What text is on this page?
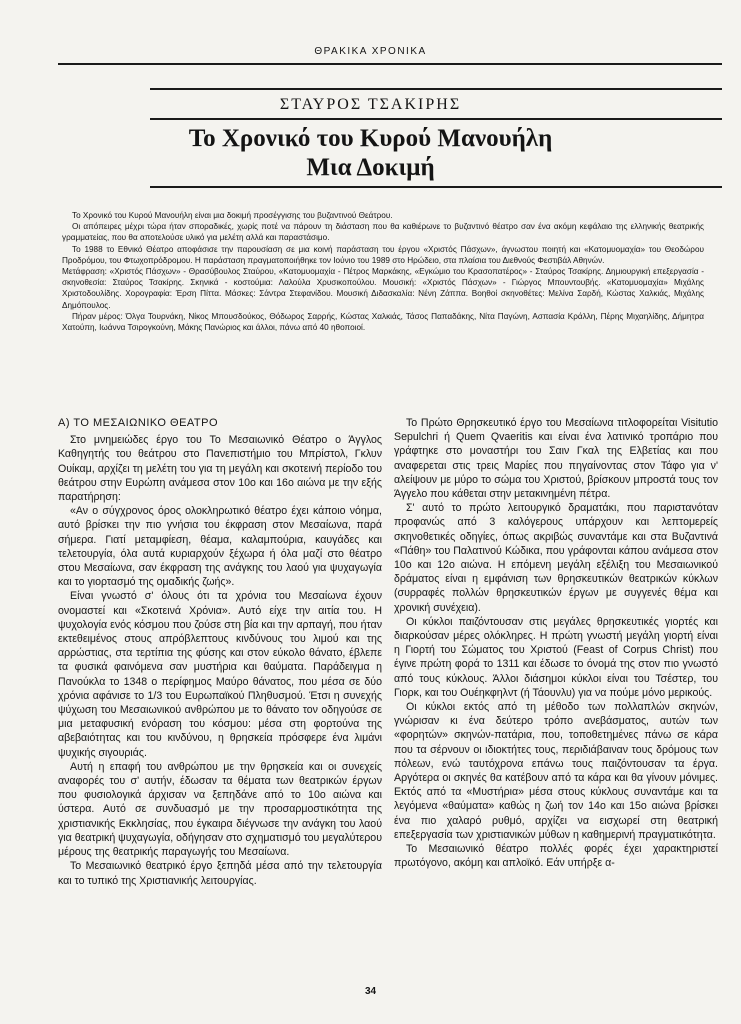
ΘΡΑΚΙΚΑ ΧΡΟΝΙΚΑ
ΣΤΑΥΡΟΣ ΤΣΑΚΙΡΗΣ
Το Χρονικό του Κυρού Μανουήλη
Μια Δοκιμή

Το Χρονικό του Κυρού Μανουήλη είναι μια δοκιμή προσέγγισης του βυζαντινού Θεάτρου.

Οι απόπειρες μέχρι τώρα ήταν σποραδικές, χωρίς ποτέ να πάρουν τη διάσταση που θα καθιέρωνε το βυζαντινό θέατρο σαν ένα ακόμη κεφάλαιο της ελληνικής θεατρικής γραμματείας, που θα αποτελούσε υλικό για μελέτη αλλά και παραστάσιμο.

Το 1988 το Εθνικό Θέατρο αποφάσισε την παρουσίαση σε μια κοινή παράσταση του έργου «Χριστός Πάσχων», άγνωστου ποιητή και «Κατομυομαχία» του Θεοδώρου Προδρόμου, του Φτωχοπρόδρομου. Η παράσταση πραγματοποιήθηκε τον Ιούνιο του 1989 στο Ηρώδειο, στα πλαίσια του Διεθνούς Φεστιβάλ Αθηνών.

Μετάφραση: «Χριστός Πάσχων» - Θρασύβουλος Σταύρου, «Κατομυομαχία - Πέτρος Μαρκάκης, «Εγκώμιο του Κρασοπατέρος» - Σταύρος Τσακίρης. Δημιουργική επεξεργασία - σκηνοθεσία: Σταύρος Τσακίρης. Σκηνικά - κοστούμια: Λαλούλα Χρυσικοπούλου. Μουσική: «Χριστός Πάσχων» - Γιώργος Μπουντουβής. «Κατομυομαχία» Μιχάλης Χριστοδουλίδης. Χορογραφία: Έρση Πίττα. Μάσκες: Σάντρα Στεφανίδου. Μουσική Διδασκαλία: Νένη Ζάππα. Βοηθοί σκηνοθέτες: Μελίνα Σαρδή, Κώστας Χαλκιάς, Μιχάλης Δημόπουλος.

Πήραν μέρος: Όλγα Τουρνάκη, Νίκος Μπουσδούκος, Θόδωρος Σαρρής, Κώστας Χαλκιάς, Τάσος Παπαδάκης, Νίτα Παγώνη, Ασπασία Κράλλη, Πέρης Μιχαηλίδης, Δήμητρα Χατούπη, Ιωάννα Τσιρογκούνη, Μάκης Πανώριος και άλλοι, πάνω από 40 ηθοποιοί.

Α) ΤΟ ΜΕΣΑΙΩΝΙΚΟ ΘΕΑΤΡΟ

Στο μνημειώδες έργο του Το Μεσαιωνικό Θέατρο ο Άγγλος Καθηγητής του θεάτρου στο Πανεπιστήμιο του Μπρίστολ, Γκλυν Ουίκαμ, αρχίζει τη μελέτη του για τη μεγάλη και σκοτεινή περίοδο του θεάτρου στην Ευρώπη ανάμεσα στον 10ο και 16ο αιώνα με την εξής παρατήρηση:

«Αν ο σύγχρονος όρος ολοκληρωτικό θέατρο έχει κάποιο νόημα, αυτό βρίσκει την πιο γνήσια του έκφραση στον Μεσαίωνα, παρά σήμερα. Γιατί μεταμφίεση, θέαμα, καλαμπούρια, καυγάδες και τελετουργία, όλα αυτά κυριαρχούν ξέχωρα ή όλα μαζί στο θέατρο στου Μεσαίωνα, σαν έκφραση της ανάγκης του λαού για ψυχαγωγία και το γιορτασμό της ομαδικής ζωής».

Είναι γνωστό σ' όλους ότι τα χρόνια του Μεσαίωνα έχουν ονομαστεί και «Σκοτεινά Χρόνια». Αυτό είχε την αιτία του. Η ψυχολογία ενός κόσμου που ζούσε στη βία και την αρπαγή, που ήταν εκτεθειμένος στους απρόβλεπτους κινδύνους του λιμού και της αρρώστιας, στα τερτίπια της φύσης και στον εύκολο θάνατο, έβλεπε τα φυσικά φαινόμενα σαν μυστήρια και θαύματα. Παράδειγμα η Πανούκλα το 1348 ο περίφημος Μαύρο θάνατος, που μέσα σε δύο χρόνια αφάνισε το 1/3 του Ευρωπαϊκού Πληθυσμού. Έτσι η συνεχής ψύχωση του Μεσαιωνικού ανθρώπου με το θάνατο τον οδηγούσε σε μια μεταφυσική ενόραση του κόσμου: μέσα στη φορτούνα της αβεβαιότητας και του κινδύνου, η θρησκεία πρόσφερε ένα λιμάνι ψυχικής σιγουριάς.

Αυτή η επαφή του ανθρώπου με την θρησκεία και οι συνεχείς αναφορές του σ' αυτήν, έδωσαν τα θέματα των θεατρικών έργων που φυσιολογικά άρχισαν να ξεπηδάνε από το 10ο αιώνα και ύστερα. Αυτό σε συνδυασμό με την προσαρμοστικότητα της χριστιανικής Εκκλησίας, που έγκαιρα διέγνωσε την ανάγκη του λαού για θεατρική ψυχαγωγία, οδήγησαν στο σχηματισμό του μεγαλύτερου μέρους της θεατρικής παραγωγής του Μεσαίωνα.

Το Μεσαιωνικό θεατρικό έργο ξεπηδά μέσα από την τελετουργία και το τυπικό της Χριστιανικής λειτουργίας.

Το Πρώτο Θρησκευτικό έργο του Μεσαίωνα τιτλοφορείται Visitutio Sepulchri ή Quem Qvaeritis και είναι ένα λατινικό τροπάριο που γράφτηκε στο μοναστήρι του Σαιν Γκαλ της Ελβετίας και που αναφερεται στις τρεις Μαρίες που πηγαίνοντας στον Τάφο για ν' αλείψουν με μύρο το σώμα του Χριστού, βρίσκουν μπροστά τους τον Άγγελο που κάθεται στην μετακινημένη πέτρα.

Σ' αυτό το πρώτο λειτουργικό δραματάκι, που παριστανόταν προφανώς από 3 καλόγερους υπάρχουν και λεπτομερείς σκηνοθετικές οδηγίες, όπως ακριβώς συναντάμε και στα Βυζαντινά «Πάθη» του Παλατινού Κώδικα, που γράφονται κάπου ανάμεσα στον 10ο και 12ο αιώνα. Η επόμενη μεγάλη εξέλιξη του Μεσαιωνικού δράματος είναι η εμφάνιση των θρησκευτικών θεατρικών κύκλων (συρραφές πολλών θρησκευτικών έργων με συγγενές θέμα και χρονική συνέχεια).

Οι κύκλοι παιζόντουσαν στις μεγάλες θρησκευτικές γιορτές και διαρκούσαν μέρες ολόκληρες. Η πρώτη γνωστή μεγάλη γιορτή είναι η Γιορτή του Σώματος του Χριστού (Feast of Corpus Christ) που έγινε πρώτη φορά το 1311 και έδωσε το όνομά της στον πιο γνωστό από τους κύκλους. Άλλοι διάσημοι κύκλοι είναι του Τσέστερ, του Γιορκ, και του Ουέηκφηλντ (ή Τάουνλυ) για να πούμε μόνο μερικούς.

Οι κύκλοι εκτός από τη μέθοδο των πολλαπλών σκηνών, γνώρισαν κι ένα δεύτερο τρόπο ανεβάσματος, αυτών των «φορητών» σκηνών-πατάρια, που, τοποθετημένες πάνω σε κάρα που τα σέρνουν οι ιδιοκτήτες τους, περιδιάβαιναν τους δρόμους των πόλεων, ενώ ταυτόχρονα επάνω τους παιζόντουσαν τα έργα. Αργότερα οι σκηνές θα κατέβουν από τα κάρα και θα γίνουν μόνιμες. Εκτός από τα «Μυστήρια» μέσα στους κύκλους συναντάμε και τα λεγόμενα «θαύματα» καθώς η ζωή τον 14ο και 15ο αιώνα βρίσκει ένα πιο χαλαρό ρυθμό, αρχίζει να εισχωρεί στη θεατρική επεξεργασία των χριστιανικών μύθων η καθημερινή πραγματικότητα.

Το Μεσαιωνικό θέατρο πολλές φορές έχει χαρακτηριστεί πρωτόγονο, ακόμη και απλοϊκό. Εάν υπήρξε α-

34
